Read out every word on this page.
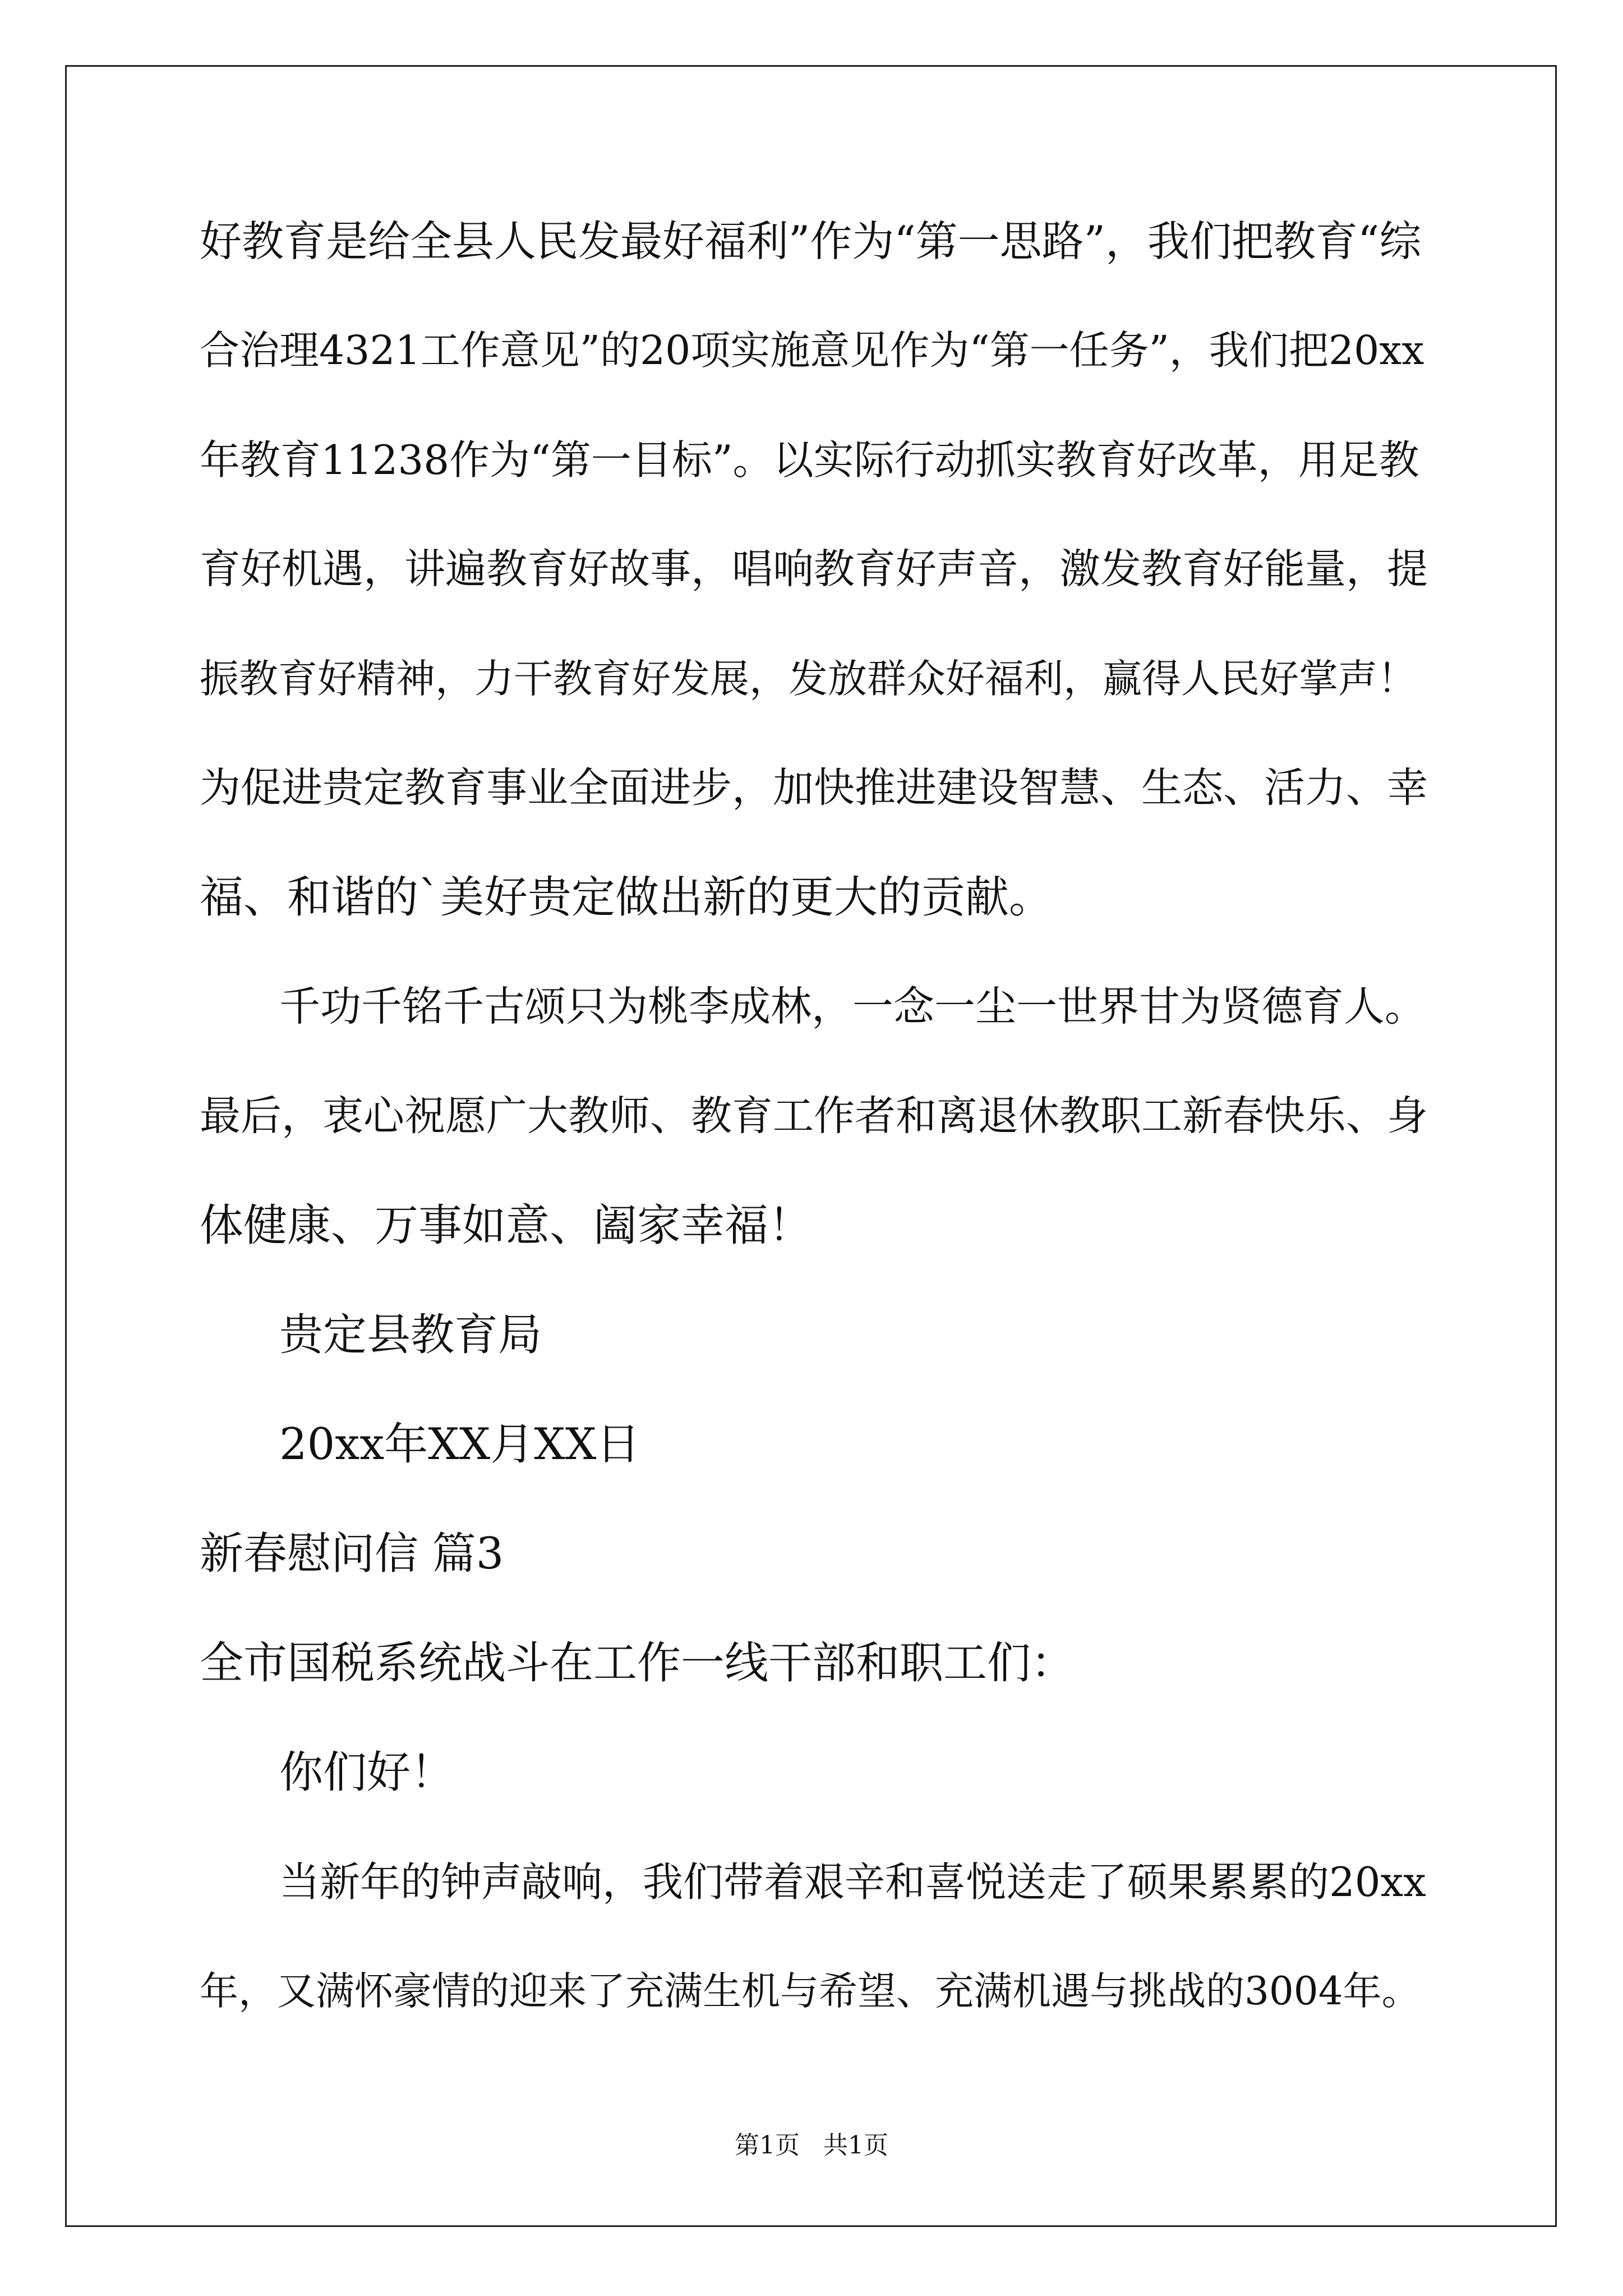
好教育是给全县人民发最好福利”作为“第一思路”，我们把教育“综
合治理4321工作意见”的20项实施意见作为“第一任务”，我们把20xx
年教育11238作为“第一目标”。以实际行动抓实教育好改革，用足教
育好机遇，讲遍教育好故事，唱响教育好声音，激发教育好能量，提
振教育好精神，力干教育好发展，发放群众好福利，赢得人民好掌声！
为促进贵定教育事业全面进步，加快推进建设智慧、生态、活力、幸
福、和谐的`美好贵定做出新的更大的贡献。
千功千铭千古颂只为桃李成林，一念一尘一世界甘为贤德育人。
最后，衷心祝愿广大教师、教育工作者和离退休教职工新春快乐、身
体健康、万事如意、阖家幸福！
贵定县教育局
20xx年XX月XX日
新春慰问信 篇3
全市国税系统战斗在工作一线干部和职工们：
你们好！
当新年的钟声敲响，我们带着艰辛和喜悦送走了硕果累累的20xx
年，又满怀豪情的迎来了充满生机与希望、充满机遇与挑战的3004年。
第1页   共1页
